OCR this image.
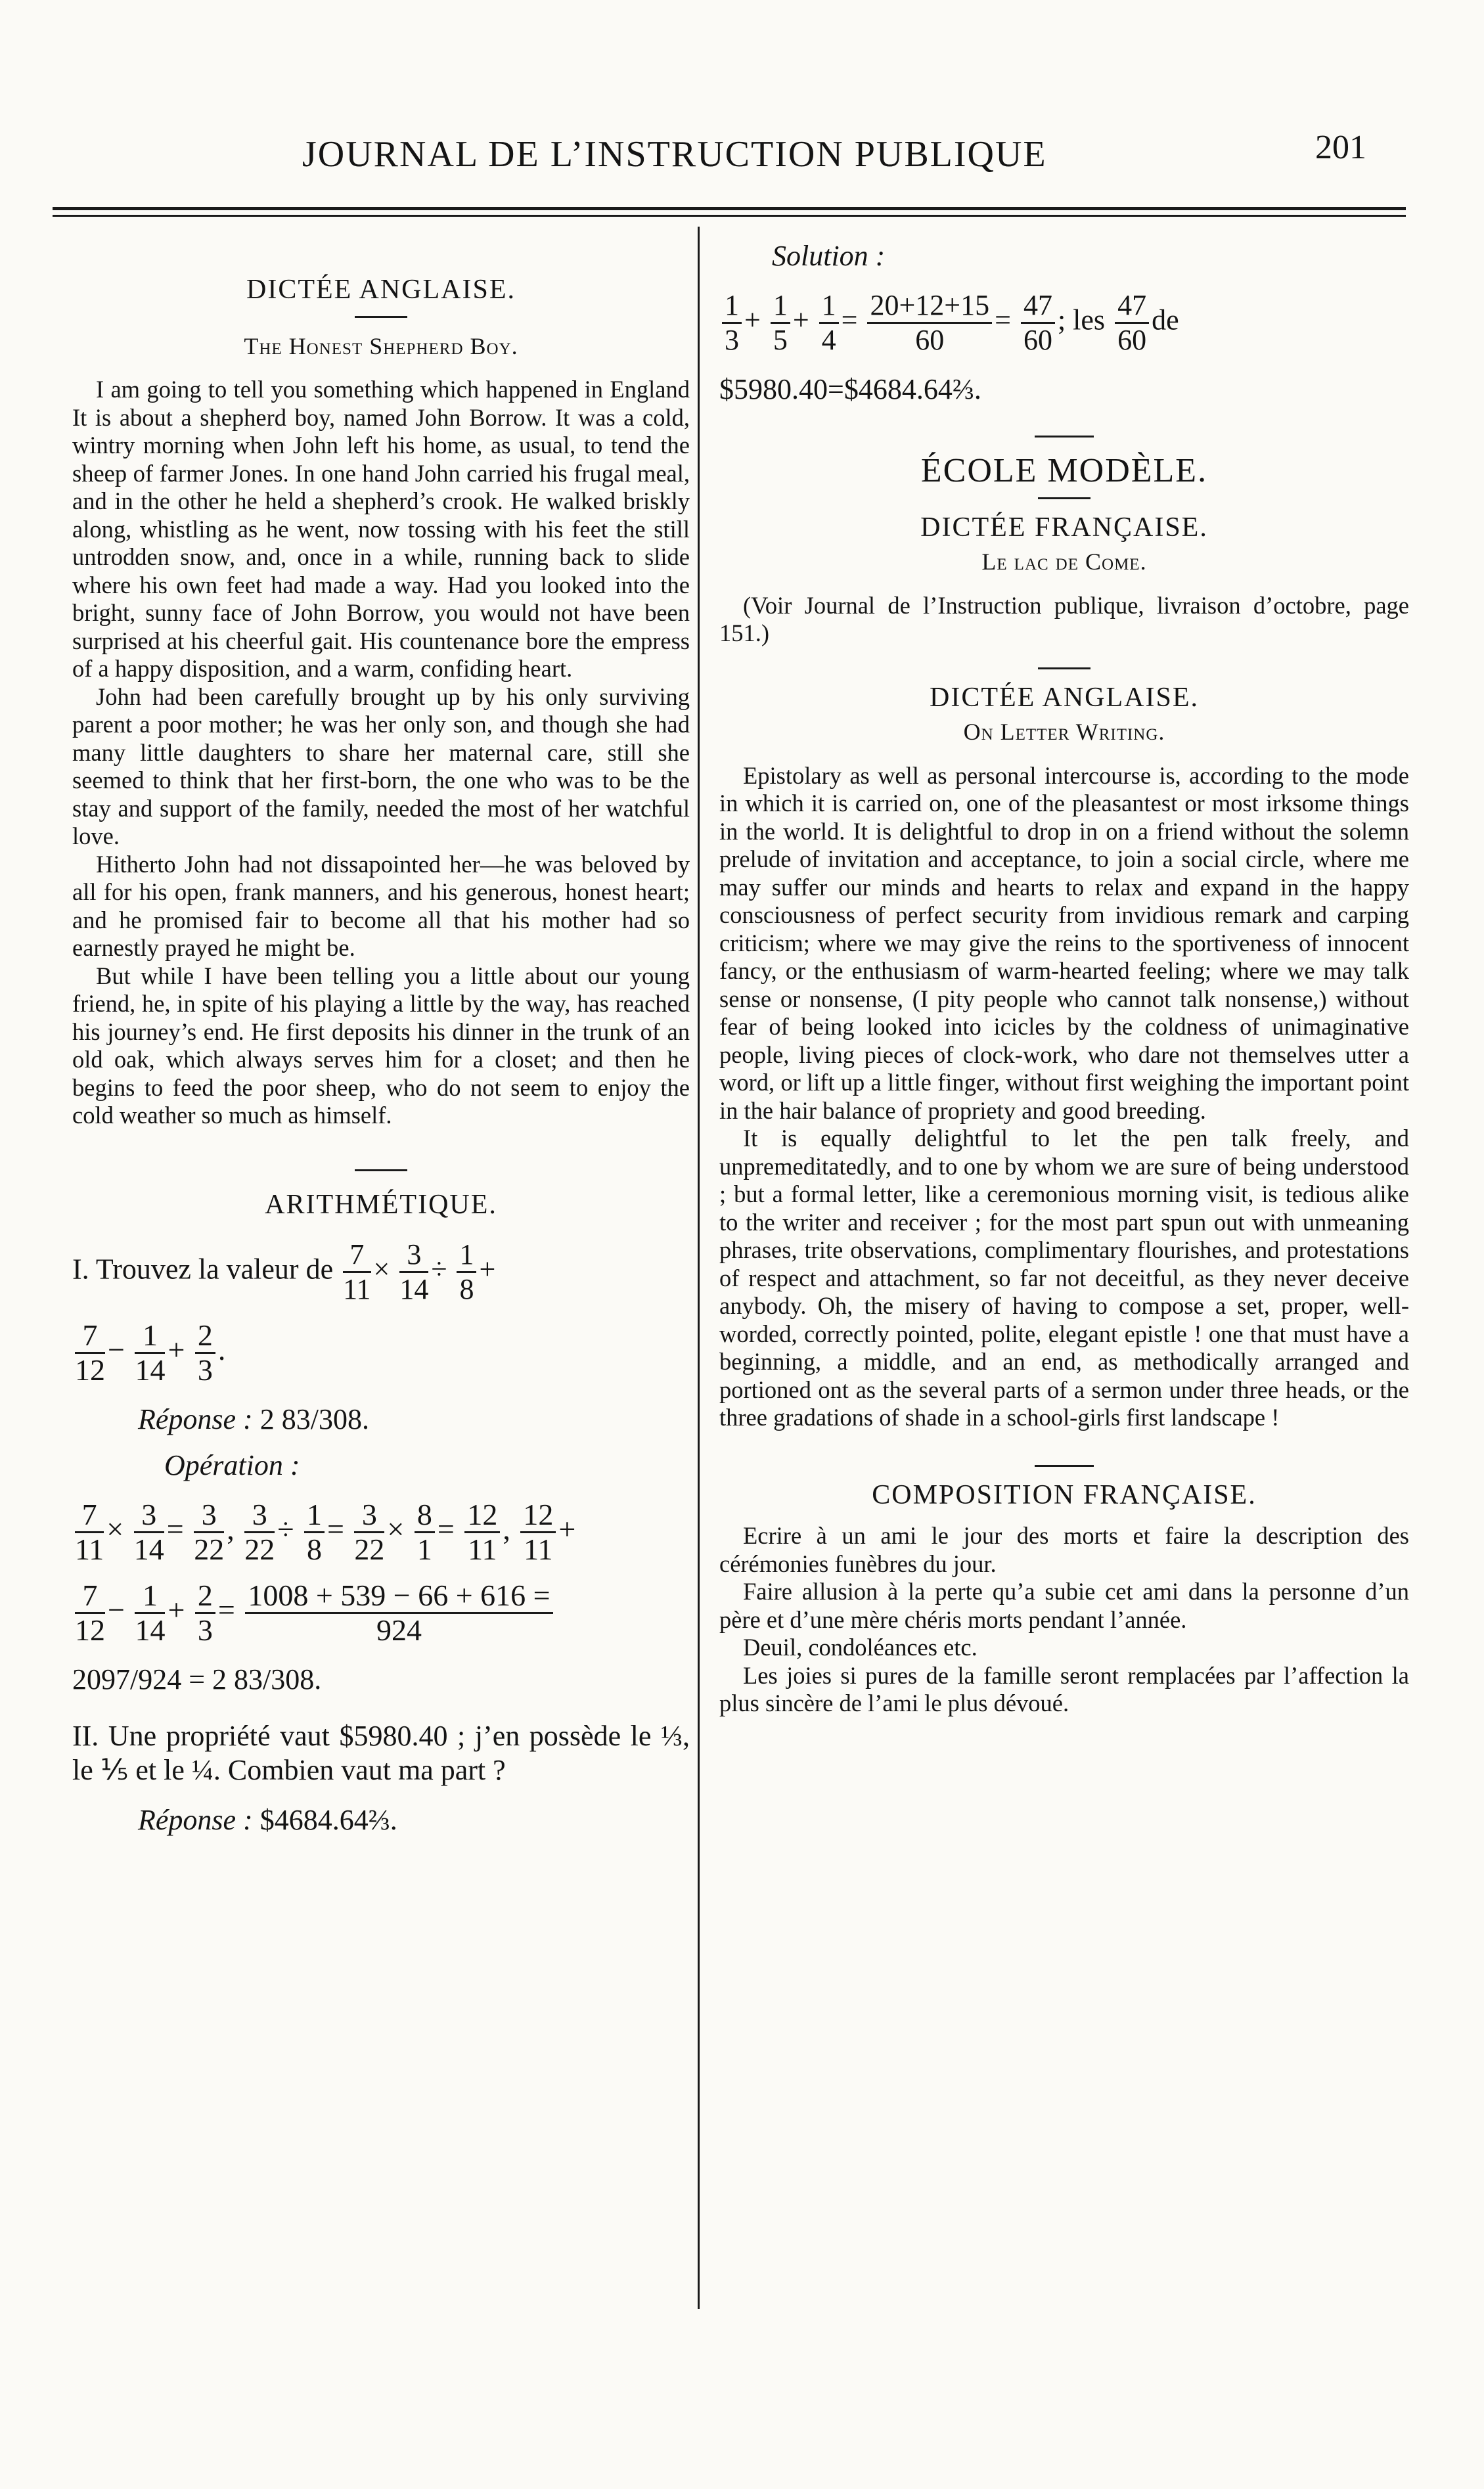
JOURNAL DE L’INSTRUCTION PUBLIQUE	201
DICTÉE ANGLAISE.
The Honest Shepherd Boy.

I am going to tell you something which happened in England It is about a shepherd boy, named John Borrow. It was a cold, wintry morning when John left his home, as usual, to tend the sheep of farmer Jones. In one hand John carried his frugal meal, and in the other he held a shepherd’s crook. He walked briskly along, whistling as he went, now tossing with his feet the still untrodden snow, and, once in a while, running back to slide where his own feet had made a way. Had you looked into the bright, sunny face of John Borrow, you would not have been surprised at his cheerful gait. His countenance bore the empress of a happy disposition, and a warm, confiding heart.

John had been carefully brought up by his only surviving parent a poor mother; he was her only son, and though she had many little daughters to share her maternal care, still she seemed to think that her first-born, the one who was to be the stay and support of the family, needed the most of her watchful love.

Hitherto John had not dissapointed her—he was beloved by all for his open, frank manners, and his generous, honest heart; and he promised fair to become all that his mother had so earnestly prayed he might be.

But while I have been telling you a little about our young friend, he, in spite of his playing a little by the way, has reached his journey’s end. He first deposits his dinner in the trunk of an old oak, which always serves him for a closet; and then he begins to feed the poor sheep, who do not seem to enjoy the cold weather so much as himself.

ARITHMÉTIQUE.
I. Trouvez la valeur de $\frac{7}{11} \times \frac{3}{14} \div \frac{1}{8}$ +
$\frac{7}{12} - \frac{1}{14} + \frac{2}{3}$ .
Réponse : 2 83/308.
Opération :
$\frac{7}{11} \times \frac{3}{14} = \frac{3}{22}$ , $\frac{3}{22} \div \frac{1}{8} = \frac{3}{22} \times \frac{8}{1} = \frac{12}{11}$ , $\frac{12}{11}$ +
$\frac{7}{12} - \frac{1}{14} + \frac{2}{3} = \frac{1008 + 539 - 66 + 616 =}{924}$
2097/924 = 2 83/308.

II. Une propriété vaut $5980.40 ; j’en possède le ⅓, le ⅕ et le ¼. Combien vaut ma part ?

Réponse : $4684.64⅔.
Solution :
$\frac{1}{3} + \frac{1}{5} + \frac{1}{4} = \frac{20+12+15}{60} = \frac{47}{60}$ ; les $\frac{47}{60}$ de
$5980.40=$4684.64⅔.
ÉCOLE MODÈLE.
DICTÉE FRANÇAISE.
Le lac de Come.

(Voir Journal de l’Instruction publique, livraison d’octobre, page 151.)

DICTÉE ANGLAISE.
On Letter Writing.

Epistolary as well as personal intercourse is, according to the mode in which it is carried on, one of the pleasantest or most irksome things in the world. It is delightful to drop in on a friend without the solemn prelude of invitation and acceptance, to join a social circle, where me may suffer our minds and hearts to relax and expand in the happy consciousness of perfect security from invidious remark and carping criticism; where we may give the reins to the sportiveness of innocent fancy, or the enthusiasm of warm-hearted feeling; where we may talk sense or nonsense, (I pity people who cannot talk nonsense,) without fear of being looked into icicles by the coldness of unimaginative people, living pieces of clock-work, who dare not themselves utter a word, or lift up a little finger, without first weighing the important point in the hair balance of propriety and good breeding.

It is equally delightful to let the pen talk freely, and unpremeditatedly, and to one by whom we are sure of being understood ; but a formal letter, like a ceremonious morning visit, is tedious alike to the writer and receiver ; for the most part spun out with unmeaning phrases, trite observations, complimentary flourishes, and protestations of respect and attachment, so far not deceitful, as they never deceive anybody. Oh, the misery of having to compose a set, proper, well-worded, correctly pointed, polite, elegant epistle ! one that must have a beginning, a middle, and an end, as methodically arranged and portioned ont as the several parts of a sermon under three heads, or the three gradations of shade in a school-girls first landscape !

COMPOSITION FRANÇAISE.

Ecrire à un ami le jour des morts et faire la description des cérémonies funèbres du jour.

Faire allusion à la perte qu’a subie cet ami dans la personne d’un père et d’une mère chéris morts pendant l’année.

Deuil, condoléances etc.

Les joies si pures de la famille seront remplacées par l’affection la plus sincère de l’ami le plus dévoué.
